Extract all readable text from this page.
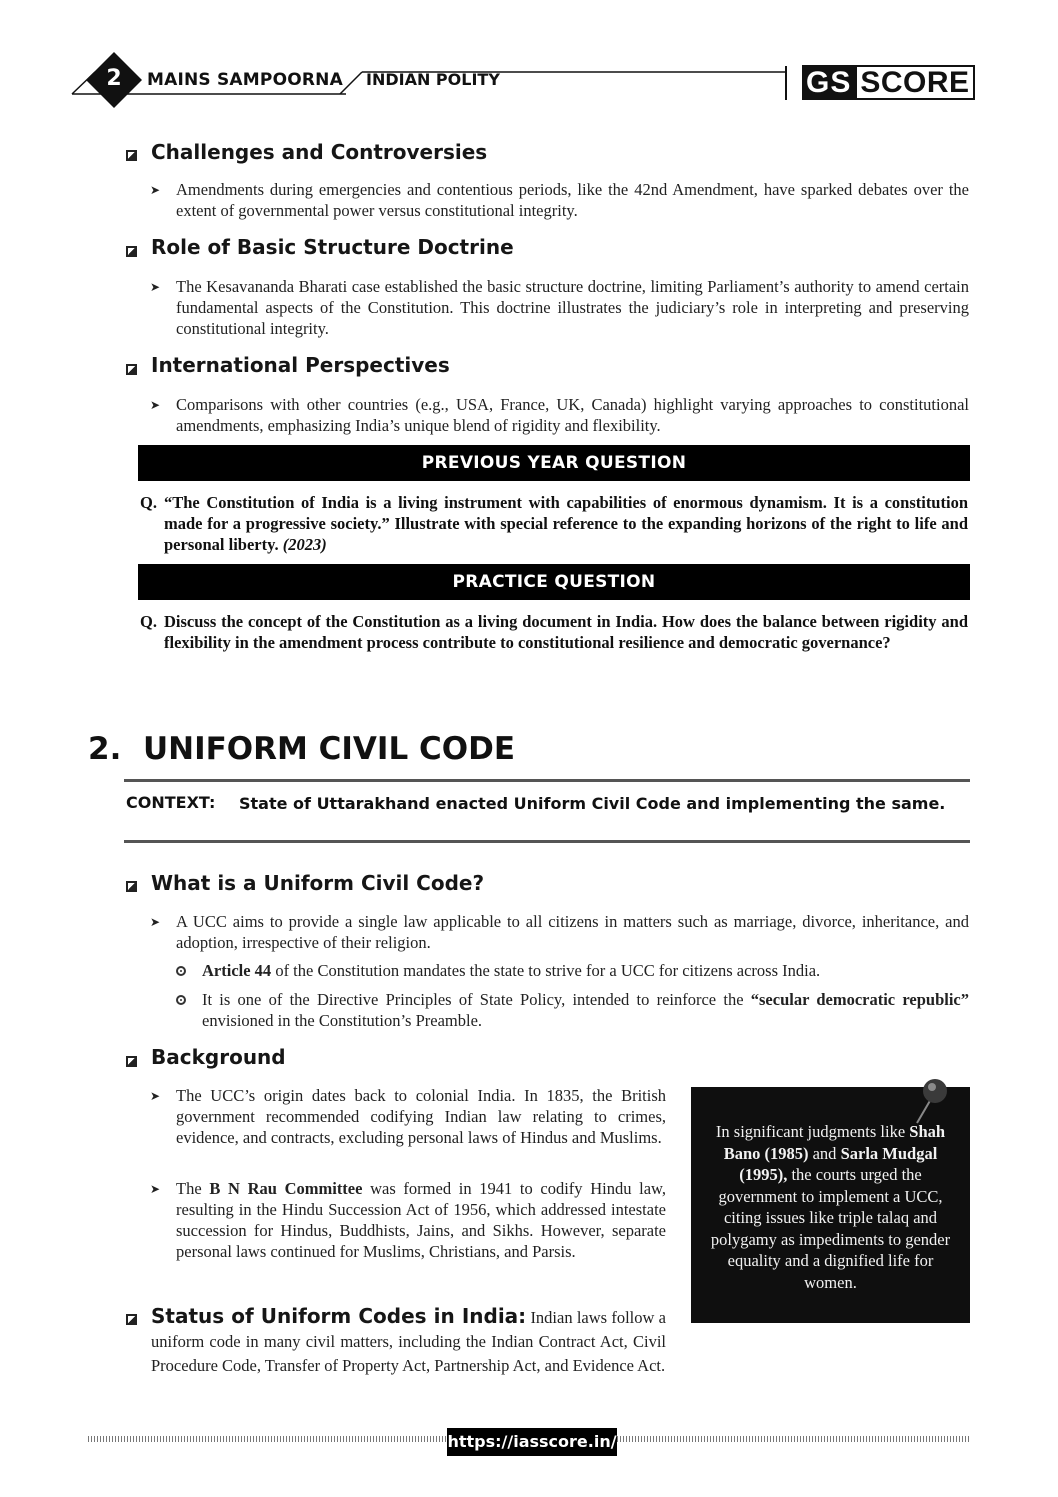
2	MAINS SAMPOORNA INDIAN POLITY	GS SCORE
Challenges and Controversies
➤ Amendments during emergencies and contentious periods, like the 42nd Amendment, have sparked debates over the extent of governmental power versus constitutional integrity.
Role of Basic Structure Doctrine
➤ The Kesavananda Bharati case established the basic structure doctrine, limiting Parliament’s authority to amend certain fundamental aspects of the Constitution. This doctrine illustrates the judiciary’s role in interpreting and preserving constitutional integrity.
International Perspectives
➤ Comparisons with other countries (e.g., USA, France, UK, Canada) highlight varying approaches to constitutional amendments, emphasizing India’s unique blend of rigidity and flexibility.
PREVIOUS YEAR QUESTION
Q. “The Constitution of India is a living instrument with capabilities of enormous dynamism. It is a constitution made for a progressive society.” Illustrate with special reference to the expanding horizons of the right to life and personal liberty. (2023)
PRACTICE QUESTION
Q. Discuss the concept of the Constitution as a living document in India. How does the balance between rigidity and flexibility in the amendment process contribute to constitutional resilience and democratic governance?
2. UNIFORM CIVIL CODE
CONTEXT: State of Uttarakhand enacted Uniform Civil Code and implementing the same.
What is a Uniform Civil Code?
➤ A UCC aims to provide a single law applicable to all citizens in matters such as marriage, divorce, inheritance, and adoption, irrespective of their religion.
Article 44 of the Constitution mandates the state to strive for a UCC for citizens across India.
It is one of the Directive Principles of State Policy, intended to reinforce the “secular democratic republic” envisioned in the Constitution’s Preamble.
Background
➤ The UCC’s origin dates back to colonial India. In 1835, the British government recommended codifying Indian law relating to crimes, evidence, and contracts, excluding personal laws of Hindus and Muslims.
➤ The B N Rau Committee was formed in 1941 to codify Hindu law, resulting in the Hindu Succession Act of 1956, which addressed intestate succession for Hindus, Buddhists, Jains, and Sikhs. However, separate personal laws continued for Muslims, Christians, and Parsis.
Status of Uniform Codes in India: Indian laws follow a uniform code in many civil matters, including the Indian Contract Act, Civil Procedure Code, Transfer of Property Act, Partnership Act, and Evidence Act.
In significant judgments like Shah Bano (1985) and Sarla Mudgal (1995), the courts urged the government to implement a UCC, citing issues like triple talaq and polygamy as impediments to gender equality and a dignified life for women.
https://iasscore.in/
